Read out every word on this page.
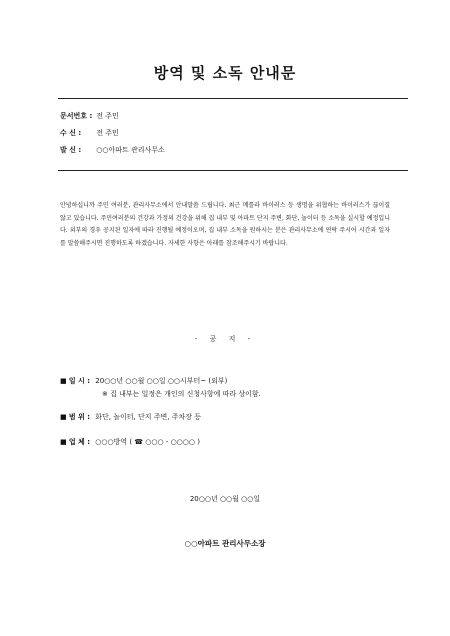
방역 및 소독 안내문
문서번호 : 전 주민
수 신 : 전 주민
발 신 : ○○아파트 관리사무소
안녕하십니까 주민 여러분, 관리사무소에서 안내말씀 드립니다. 최근 메를라 바이러스 등 생명을 위협하는 바이러스가 끊이질 않고 있습니다. 주민여러분의 건강과 가정의 건강을 위해 집 내부 및 아파트 단지 주변, 화단, 놀이터 등 소독을 실시할 예정입니다. 외부의 경우 공지된 일자에 따라 진행될 예정이오며, 집 내부 소독을 원하시는 분은 관리사무소에 연락 주시어 시간과 일자를 말씀해주시면 진행하도록 하겠습니다. 자세한 사항은 아래를 참조해주시기 바랍니다.
■ 일 시 : 20○○년 ○○월 ○○일 ○○시부터~ (외부)
※ 집 내부는 일정은 개인의 신청사항에 따라 상이함.
■ 범 위 : 화단, 놀이터, 단지 주변, 주차장 등
■ 업 체 : ○○○방역 ( ☎ ○○○ - ○○○○ )
- 공 지 -
20○○년 ○○월 ○○일
○○아파트 관리사무소장
